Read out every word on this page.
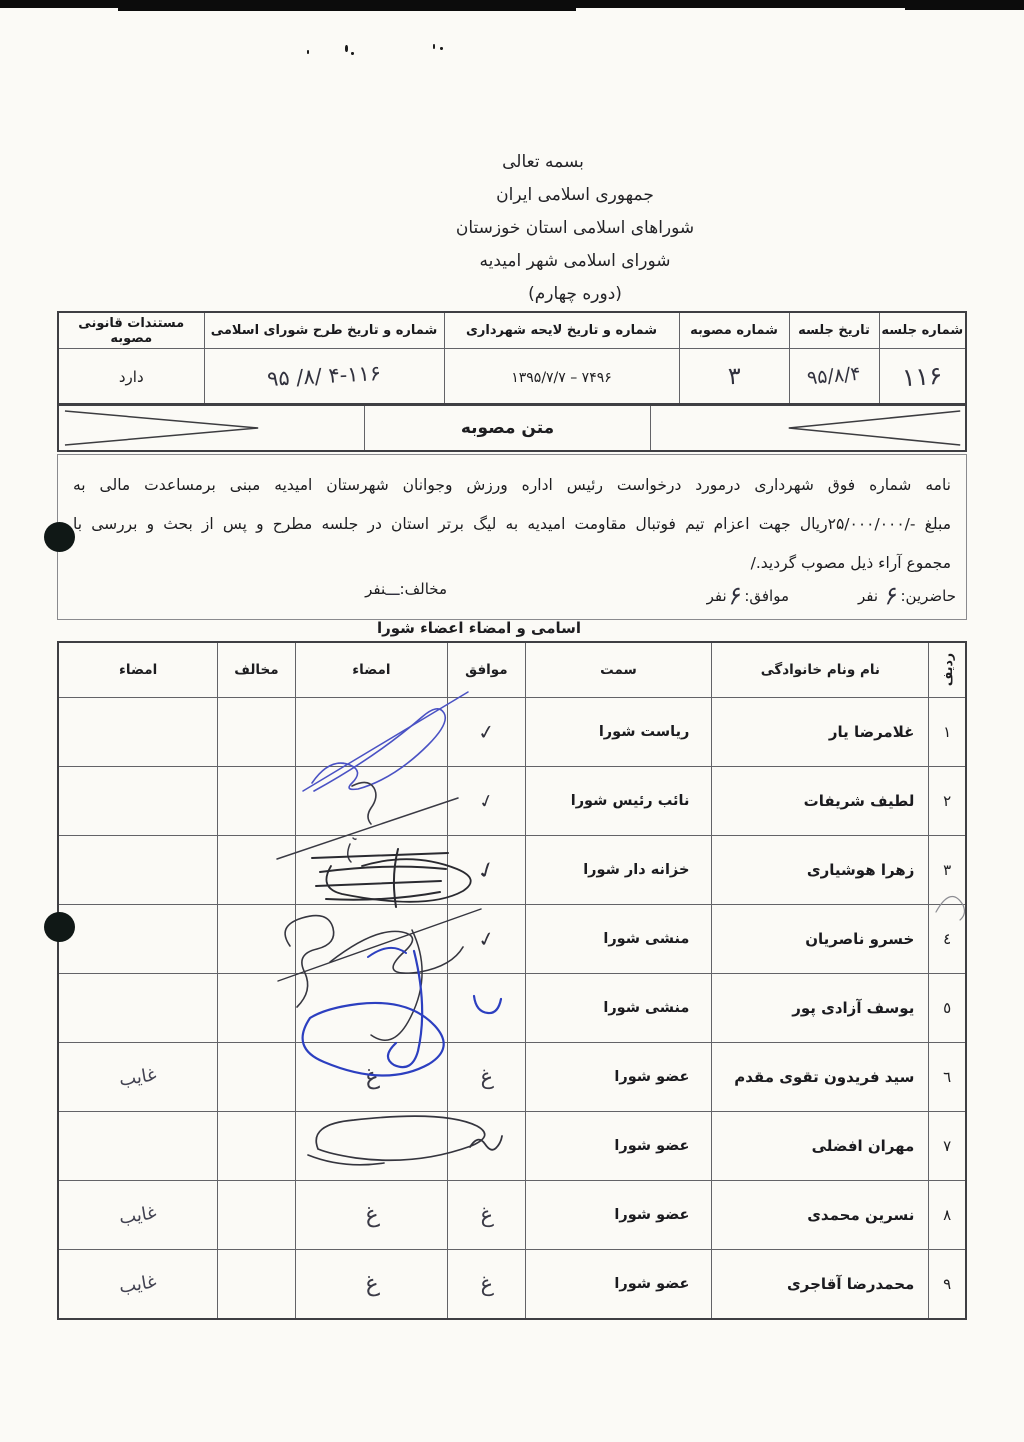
بسمه تعالی
جمهوری اسلامی ایران
شوراهای اسلامی استان خوزستان
شورای اسلامی شهر امیدیه
(دوره چهارم)
شماره جلسه	تاریخ جلسه	شماره مصوبه	شماره و تاریخ لایحه شهرداری	شماره و تاریخ طرح شورای اسلامی	مستندات قانونی مصوبه
۱۱۶	۹۵/۸/۴	۳	۱۳۹۵/۷/۷ – ۷۴۹۶	۹۵ /۸/ ۴-۱۱۶	دارد
	متن مصوبه	
نامه شماره فوق شهرداری درمورد درخواست رئیس اداره ورزش وجوانان شهرستان امیدیه مبنی برمساعدت مالی به
مبلغ -/۲۵/۰۰۰/۰۰۰ریال جهت اعزام تیم فوتبال مقاومت امیدیه به لیگ برتر استان در جلسه مطرح و پس از بحث و بررسی با
مجموع آراء ذیل مصوب گردید./
حاضرین: ۶ نفر
موافق: ۶نفر
مخالف:ـــنفر
اسامی و امضاء اعضاء شورا
ردیف	نام ونام خانوادگی	سمت	موافق	امضاء	مخالف	امضاء
۱	غلامرضا یار	ریاست شورا	✓			
۲	لطیف شریفات	نائب رئیس شورا	✓			
۳	زهرا هوشیاری	خزانه دار شورا	✓			
٤	خسرو ناصریان	منشی شورا	✓			
٥	یوسف آزادی پور	منشی شورا				
٦	سید فریدون تقوی مقدم	عضو شورا	غ	غ		غایب
۷	مهران افضلی	عضو شورا				
۸	نسرین محمدی	عضو شورا	غ	غ		غایب
۹	محمدرضا آقاجری	عضو شورا	غ	غ		غایب
